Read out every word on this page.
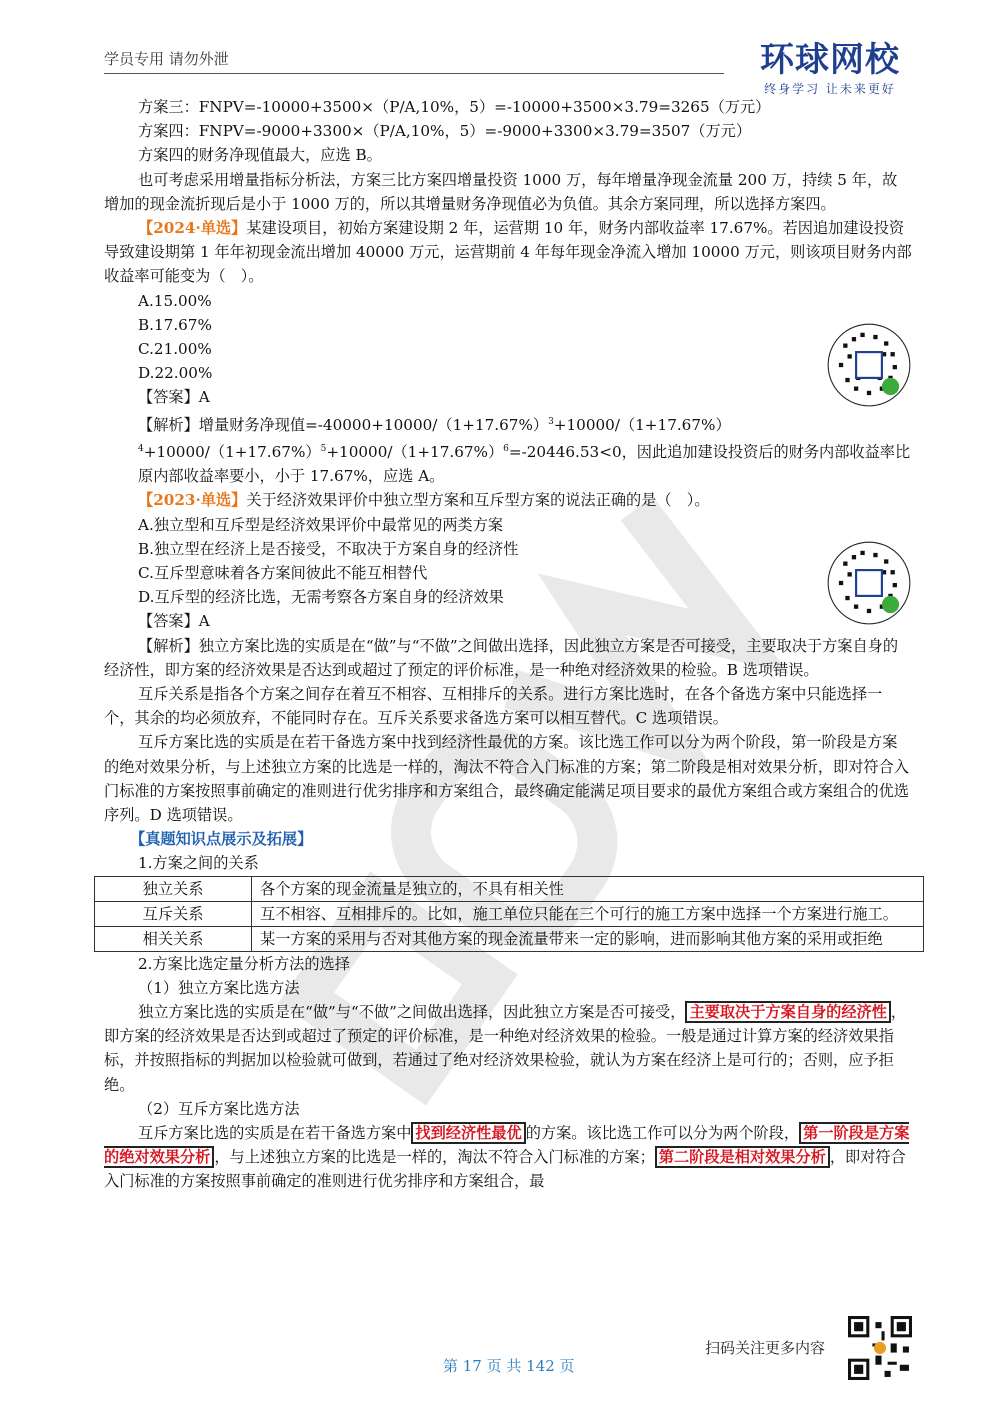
学员专用 请勿外泄	环球网校
终身学习 让未来更好

方案三：FNPV=-10000+3500×（P/A,10%，5）=-10000+3500×3.79=3265（万元）

方案四：FNPV=-9000+3300×（P/A,10%，5）=-9000+3300×3.79=3507（万元）

方案四的财务净现值最大，应选 B。

也可考虑采用增量指标分析法，方案三比方案四增量投资 1000 万，每年增量净现金流量 200 万，持续 5 年，故增加的现金流折现后是小于 1000 万的，所以其增量财务净现值必为负值。其余方案同理，所以选择方案四。

【2024·单选】某建设项目，初始方案建设期 2 年，运营期 10 年，财务内部收益率 17.67%。若因追加建设投资导致建设期第 1 年年初现金流出增加 40000 万元，运营期前 4 年每年现金净流入增加 10000 万元，则该项目财务内部收益率可能变为（　）。

A.15.00%

B.17.67%

C.21.00%

D.22.00%

【答案】A

【解析】增量财务净现值$=-40000+10000/(1+17.67\%)^3+10000/(1+17.67\%)^4+10000/(1+17.67\%)^5+10000/(1+17.67\%)^6=-20446.53<0$，因此追加建设投资后的财务内部收益率比原内部收益率要小，小于 17.67%，应选 A。

【2023·单选】关于经济效果评价中独立型方案和互斥型方案的说法正确的是（　）。

A.独立型和互斥型是经济效果评价中最常见的两类方案

B.独立型在经济上是否接受，不取决于方案自身的经济性

C.互斥型意味着各方案间彼此不能互相替代

D.互斥型的经济比选，无需考察各方案自身的经济效果

【答案】A

【解析】独立方案比选的实质是在“做”与“不做”之间做出选择，因此独立方案是否可接受，主要取决于方案自身的经济性，即方案的经济效果是否达到或超过了预定的评价标准，是一种绝对经济效果的检验。B 选项错误。

互斥关系是指各个方案之间存在着互不相容、互相排斥的关系。进行方案比选时，在各个备选方案中只能选择一个，其余的均必须放弃，不能同时存在。互斥关系要求备选方案可以相互替代。C 选项错误。

互斥方案比选的实质是在若干备选方案中找到经济性最优的方案。该比选工作可以分为两个阶段，第一阶段是方案的绝对效果分析，与上述独立方案的比选是一样的，淘汰不符合入门标准的方案；第二阶段是相对效果分析，即对符合入门标准的方案按照事前确定的准则进行优劣排序和方案组合，最终确定能满足项目要求的最优方案组合或方案组合的优选序列。D 选项错误。

【真题知识点展示及拓展】

1.方案之间的关系

独立关系	各个方案的现金流量是独立的，不具有相关性
互斥关系	互不相容、互相排斥的。比如，施工单位只能在三个可行的施工方案中选择一个方案进行施工。
相关关系	某一方案的采用与否对其他方案的现金流量带来一定的影响，进而影响其他方案的采用或拒绝

2.方案比选定量分析方法的选择

（1）独立方案比选方法

独立方案比选的实质是在“做”与“不做”之间做出选择，因此独立方案是否可接受， 主要取决于方案自身的经济性 ，即方案的经济效果是否达到或超过了预定的评价标准，是一种绝对经济效果的检验。一般是通过计算方案的经济效果指标，并按照指标的判据加以检验就可做到，若通过了绝对经济效果检验，就认为方案在经济上是可行的；否则，应予拒绝。

（2）互斥方案比选方法

互斥方案比选的实质是在若干备选方案中 找到经济性最优 的方案。该比选工作可以分为两个阶段， 第一阶段是方案的绝对效果分析 ，与上述独立方案的比选是一样的，淘汰不符合入门标准的方案； 第二阶段是相对效果分析 ，即对符合入门标准的方案按照事前确定的准则进行优劣排序和方案组合，最

扫码关注更多内容
第 17 页 共 142 页
